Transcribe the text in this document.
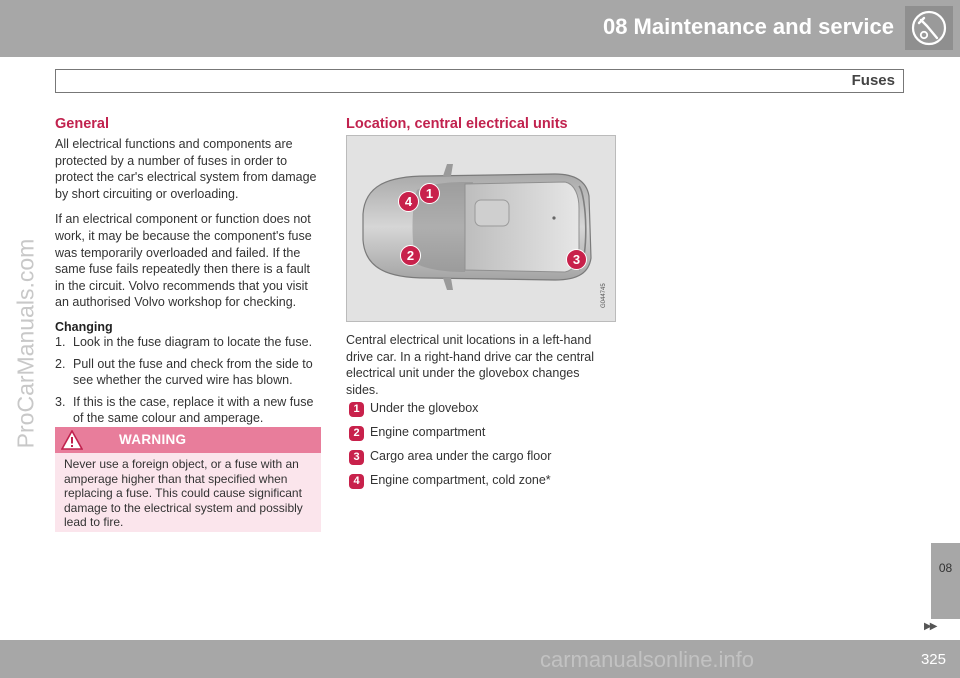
08 Maintenance and service
Fuses
ProCarManuals.com
General

All electrical functions and components are protected by a number of fuses in order to protect the car's electrical system from damage by short circuiting or overloading.

If an electrical component or function does not work, it may be because the component's fuse was temporarily overloaded and failed. If the same fuse fails repeatedly then there is a fault in the circuit. Volvo recommends that you visit an authorised Volvo workshop for checking.

Changing
1. Look in the fuse diagram to locate the fuse.
2. Pull out the fuse and check from the side to see whether the curved wire has blown.
3. If this is the case, replace it with a new fuse of the same colour and amperage.
WARNING
Never use a foreign object, or a fuse with an amperage higher than that specified when replacing a fuse. This could cause significant damage to the electrical system and possibly lead to fire.
Location, central electrical units
G044745
4
1
2	3
Central electrical unit locations in a left-hand drive car. In a right-hand drive car the central electrical unit under the glovebox changes sides.
1 Under the glovebox
2 Engine compartment
3 Cargo area under the cargo floor
4 Engine compartment, cold zone*
08
▶▶
carmanualsonline.info	325
